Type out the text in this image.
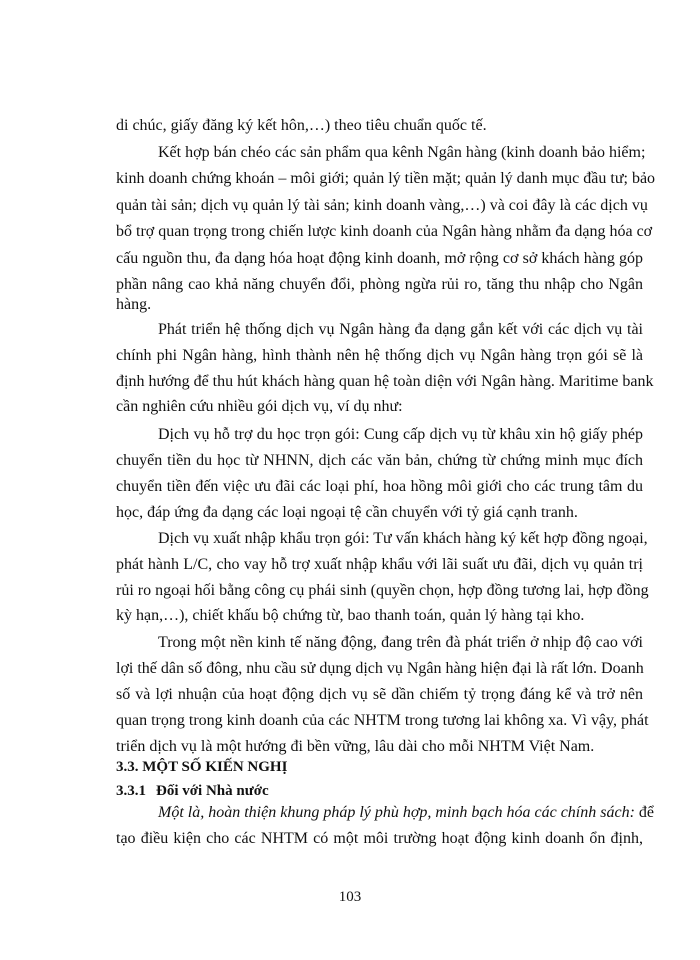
di chúc, giấy đăng ký kết hôn,…) theo tiêu chuẩn quốc tế.
Kết hợp bán chéo các sản phẩm qua kênh Ngân hàng (kinh doanh bảo hiểm;
kinh doanh chứng khoán – môi giới; quản lý tiền mặt; quản lý danh mục đầu tư; bảo
quản tài sản; dịch vụ quản lý tài sản; kinh doanh vàng,…) và coi đây là các dịch vụ
bổ trợ quan trọng trong chiến lược kinh doanh của Ngân hàng nhằm đa dạng hóa cơ
cấu nguồn thu, đa dạng hóa hoạt động kinh doanh, mở rộng cơ sở khách hàng góp
phần nâng cao khả năng chuyển đổi, phòng ngừa rủi ro, tăng thu nhập cho Ngân
hàng.
Phát triển hệ thống dịch vụ Ngân hàng đa dạng gắn kết với các dịch vụ tài
chính phi Ngân hàng, hình thành nên hệ thống dịch vụ Ngân hàng trọn gói sẽ là
định hướng để thu hút khách hàng quan hệ toàn diện với Ngân hàng. Maritime bank
cần nghiên cứu nhiều gói dịch vụ, ví dụ như:
Dịch vụ hỗ trợ du học trọn gói: Cung cấp dịch vụ từ khâu xin hộ giấy phép
chuyển tiền du học từ NHNN, dịch các văn bản, chứng từ chứng minh mục đích
chuyển tiền đến việc ưu đãi các loại phí, hoa hồng môi giới cho các trung tâm du
học, đáp ứng đa dạng các loại ngoại tệ cần chuyển với tỷ giá cạnh tranh.
Dịch vụ xuất nhập khẩu trọn gói: Tư vấn khách hàng ký kết hợp đồng ngoại,
phát hành L/C, cho vay hỗ trợ xuất nhập khẩu với lãi suất ưu đãi, dịch vụ quản trị
rủi ro ngoại hối bằng công cụ phái sinh (quyền chọn, hợp đồng tương lai, hợp đồng
kỳ hạn,…), chiết khấu bộ chứng từ, bao thanh toán, quản lý hàng tại kho.
Trong một nền kinh tế năng động, đang trên đà phát triển ở nhịp độ cao với
lợi thế dân số đông, nhu cầu sử dụng dịch vụ Ngân hàng hiện đại là rất lớn. Doanh
số và lợi nhuận của hoạt động dịch vụ sẽ dần chiếm tỷ trọng đáng kể và trở nên
quan trọng trong kinh doanh của các NHTM trong tương lai không xa. Vì vậy, phát
triển dịch vụ là một hướng đi bền vững, lâu dài cho mỗi NHTM Việt Nam.
3.3. MỘT SỐ KIẾN NGHỊ
3.3.1 Đối với Nhà nước
Một là, hoàn thiện khung pháp lý phù hợp, minh bạch hóa các chính sách: để
tạo điều kiện cho các NHTM có một môi trường hoạt động kinh doanh ổn định,
103
